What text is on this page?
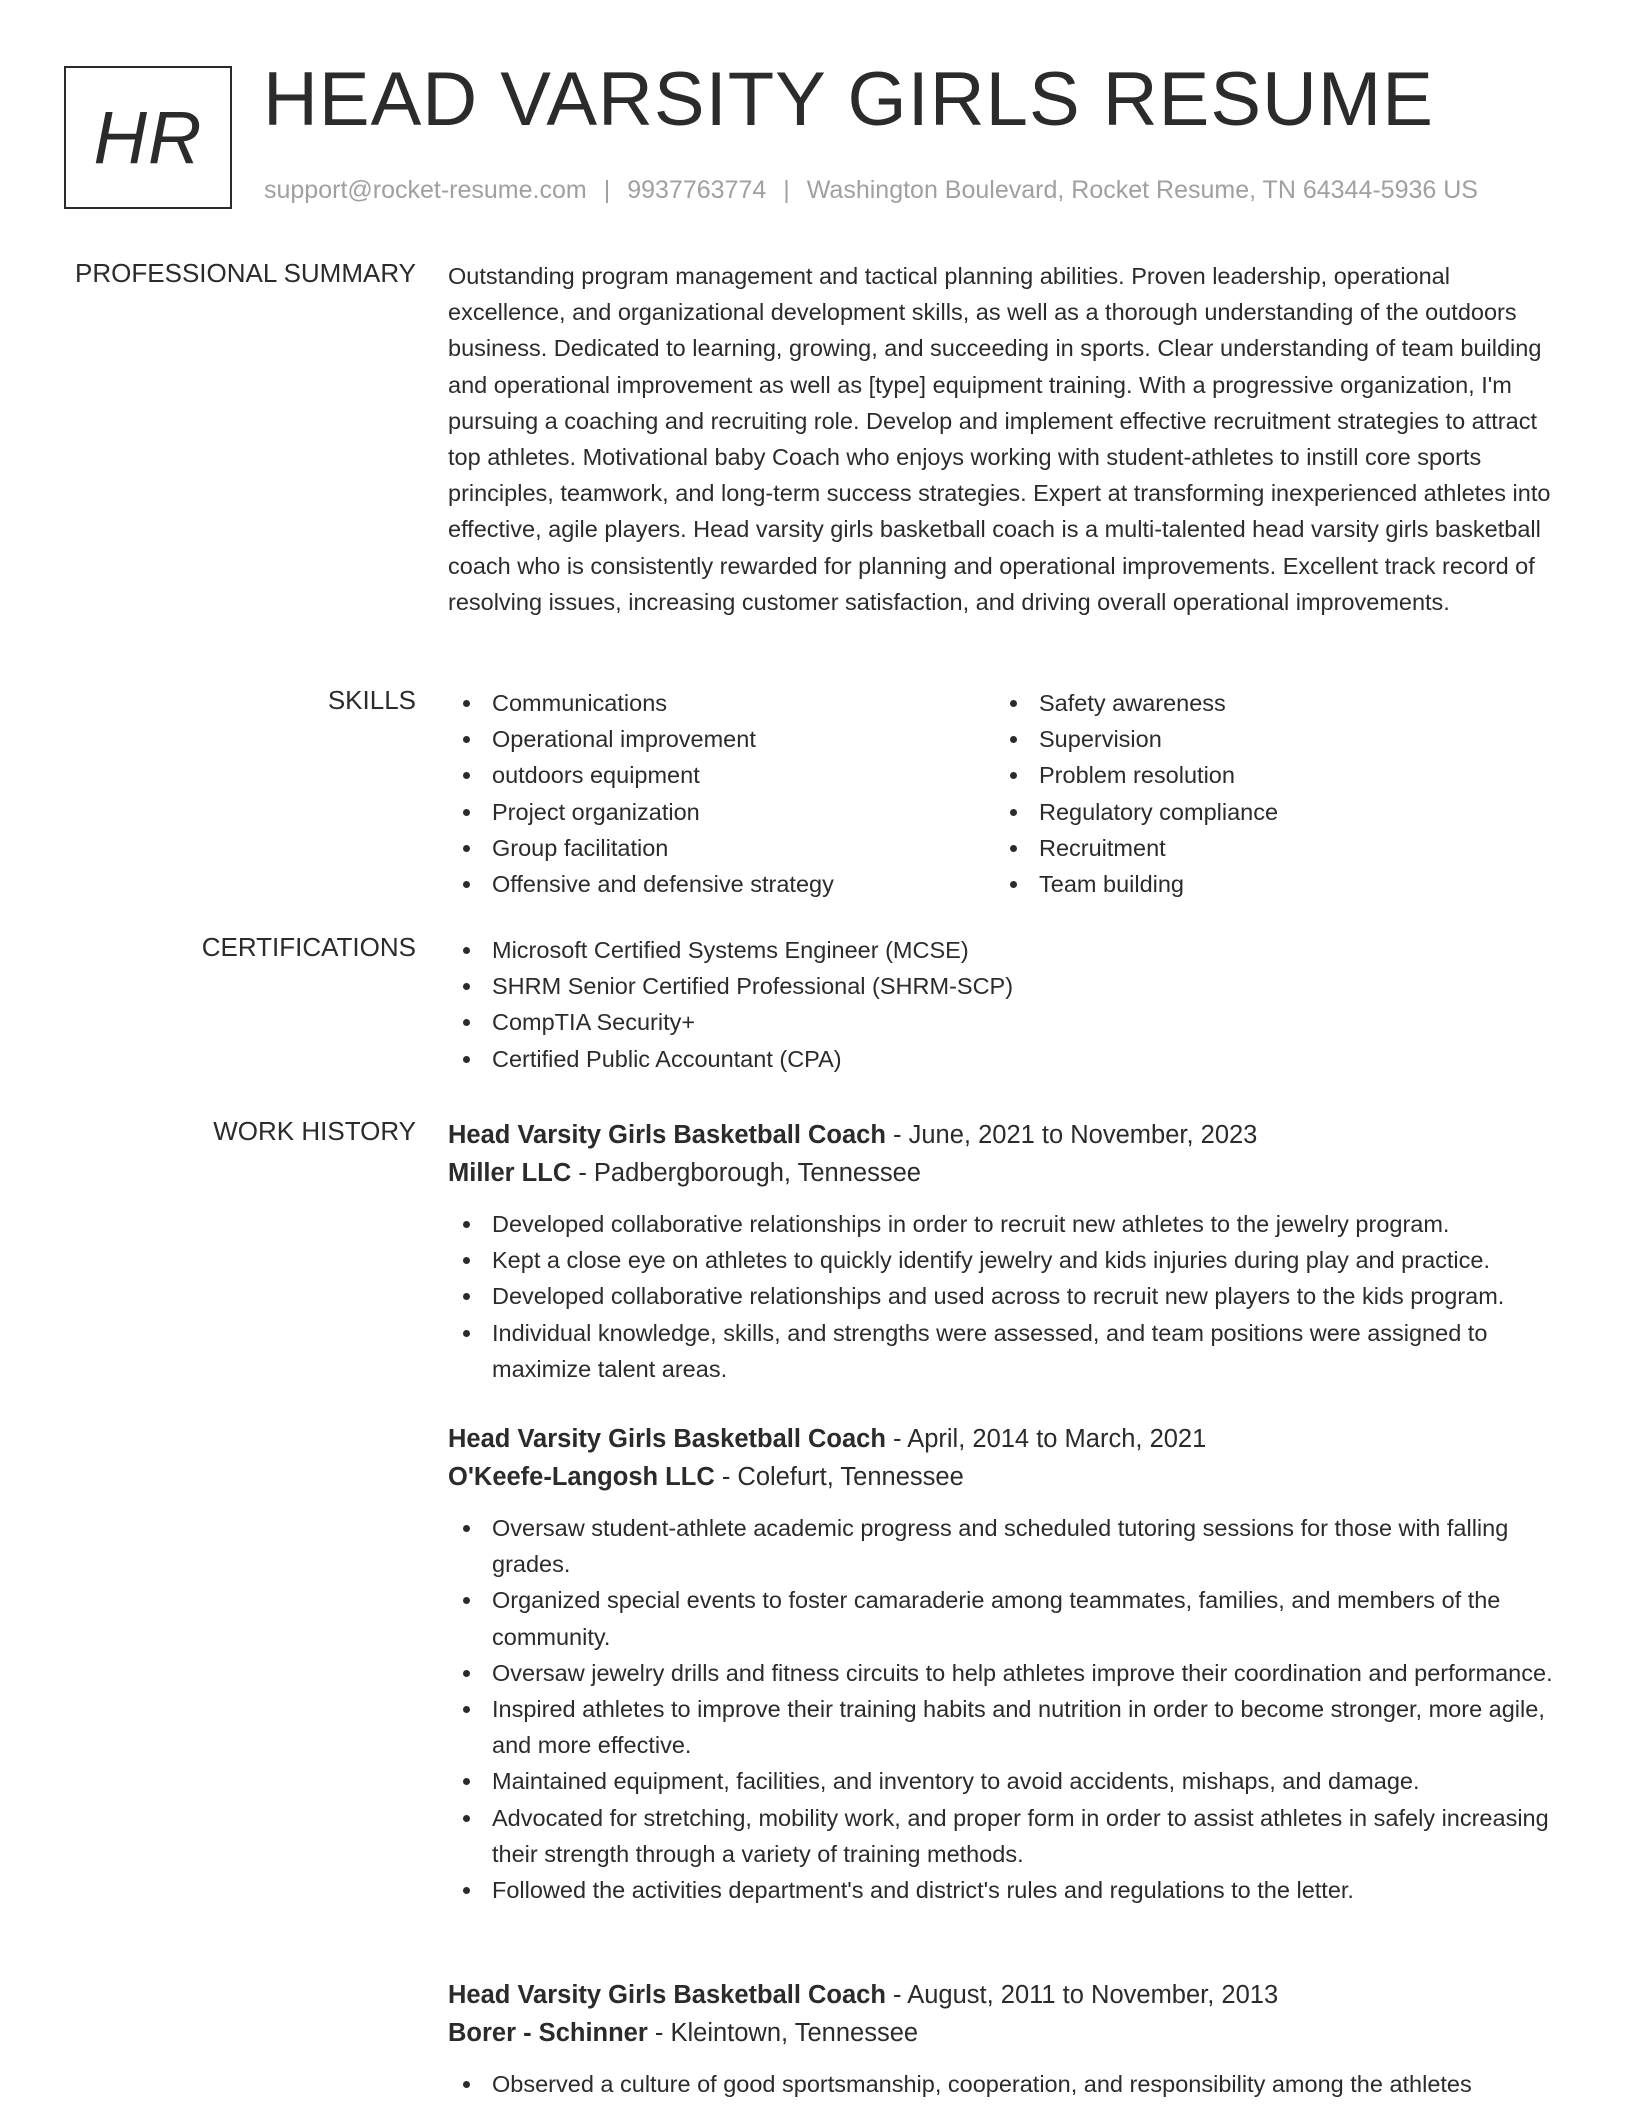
HR HEAD VARSITY GIRLS RESUME
support@rocket-resume.com | 9937763774 | Washington Boulevard, Rocket Resume, TN 64344-5936 US
PROFESSIONAL SUMMARY Outstanding program management and tactical planning abilities. Proven leadership, operational excellence, and organizational development skills, as well as a thorough understanding of the outdoors business. Dedicated to learning, growing, and succeeding in sports. Clear understanding of team building and operational improvement as well as [type] equipment training. With a progressive organization, I'm pursuing a coaching and recruiting role. Develop and implement effective recruitment strategies to attract top athletes. Motivational baby Coach who enjoys working with student-athletes to instill core sports principles, teamwork, and long-term success strategies. Expert at transforming inexperienced athletes into effective, agile players. Head varsity girls basketball coach is a multi-talented head varsity girls basketball coach who is consistently rewarded for planning and operational improvements. Excellent track record of resolving issues, increasing customer satisfaction, and driving overall operational improvements.
SKILLS	Communications
Operational improvement
outdoors equipment
Project organization
Group facilitation
Offensive and defensive strategy
Safety awareness
Supervision
Problem resolution
Regulatory compliance
Recruitment
Team building
CERTIFICATIONS	Microsoft Certified Systems Engineer (MCSE)
SHRM Senior Certified Professional (SHRM-SCP)
CompTIA Security+
Certified Public Accountant (CPA)
WORK HISTORY Head Varsity Girls Basketball Coach - June, 2021 to November, 2023
Miller LLC - Padbergborough, Tennessee
Developed collaborative relationships in order to recruit new athletes to the jewelry program.
Kept a close eye on athletes to quickly identify jewelry and kids injuries during play and practice.
Developed collaborative relationships and used across to recruit new players to the kids program.
Individual knowledge, skills, and strengths were assessed, and team positions were assigned to maximize talent areas.
Head Varsity Girls Basketball Coach - April, 2014 to March, 2021
O'Keefe-Langosh LLC - Colefurt, Tennessee
Oversaw student-athlete academic progress and scheduled tutoring sessions for those with falling grades.
Organized special events to foster camaraderie among teammates, families, and members of the community.
Oversaw jewelry drills and fitness circuits to help athletes improve their coordination and performance.
Inspired athletes to improve their training habits and nutrition in order to become stronger, more agile, and more effective.
Maintained equipment, facilities, and inventory to avoid accidents, mishaps, and damage.
Advocated for stretching, mobility work, and proper form in order to assist athletes in safely increasing their strength through a variety of training methods.
Followed the activities department's and district's rules and regulations to the letter.
Head Varsity Girls Basketball Coach - August, 2011 to November, 2013
Borer - Schinner - Kleintown, Tennessee
Observed a culture of good sportsmanship, cooperation, and responsibility among the athletes
